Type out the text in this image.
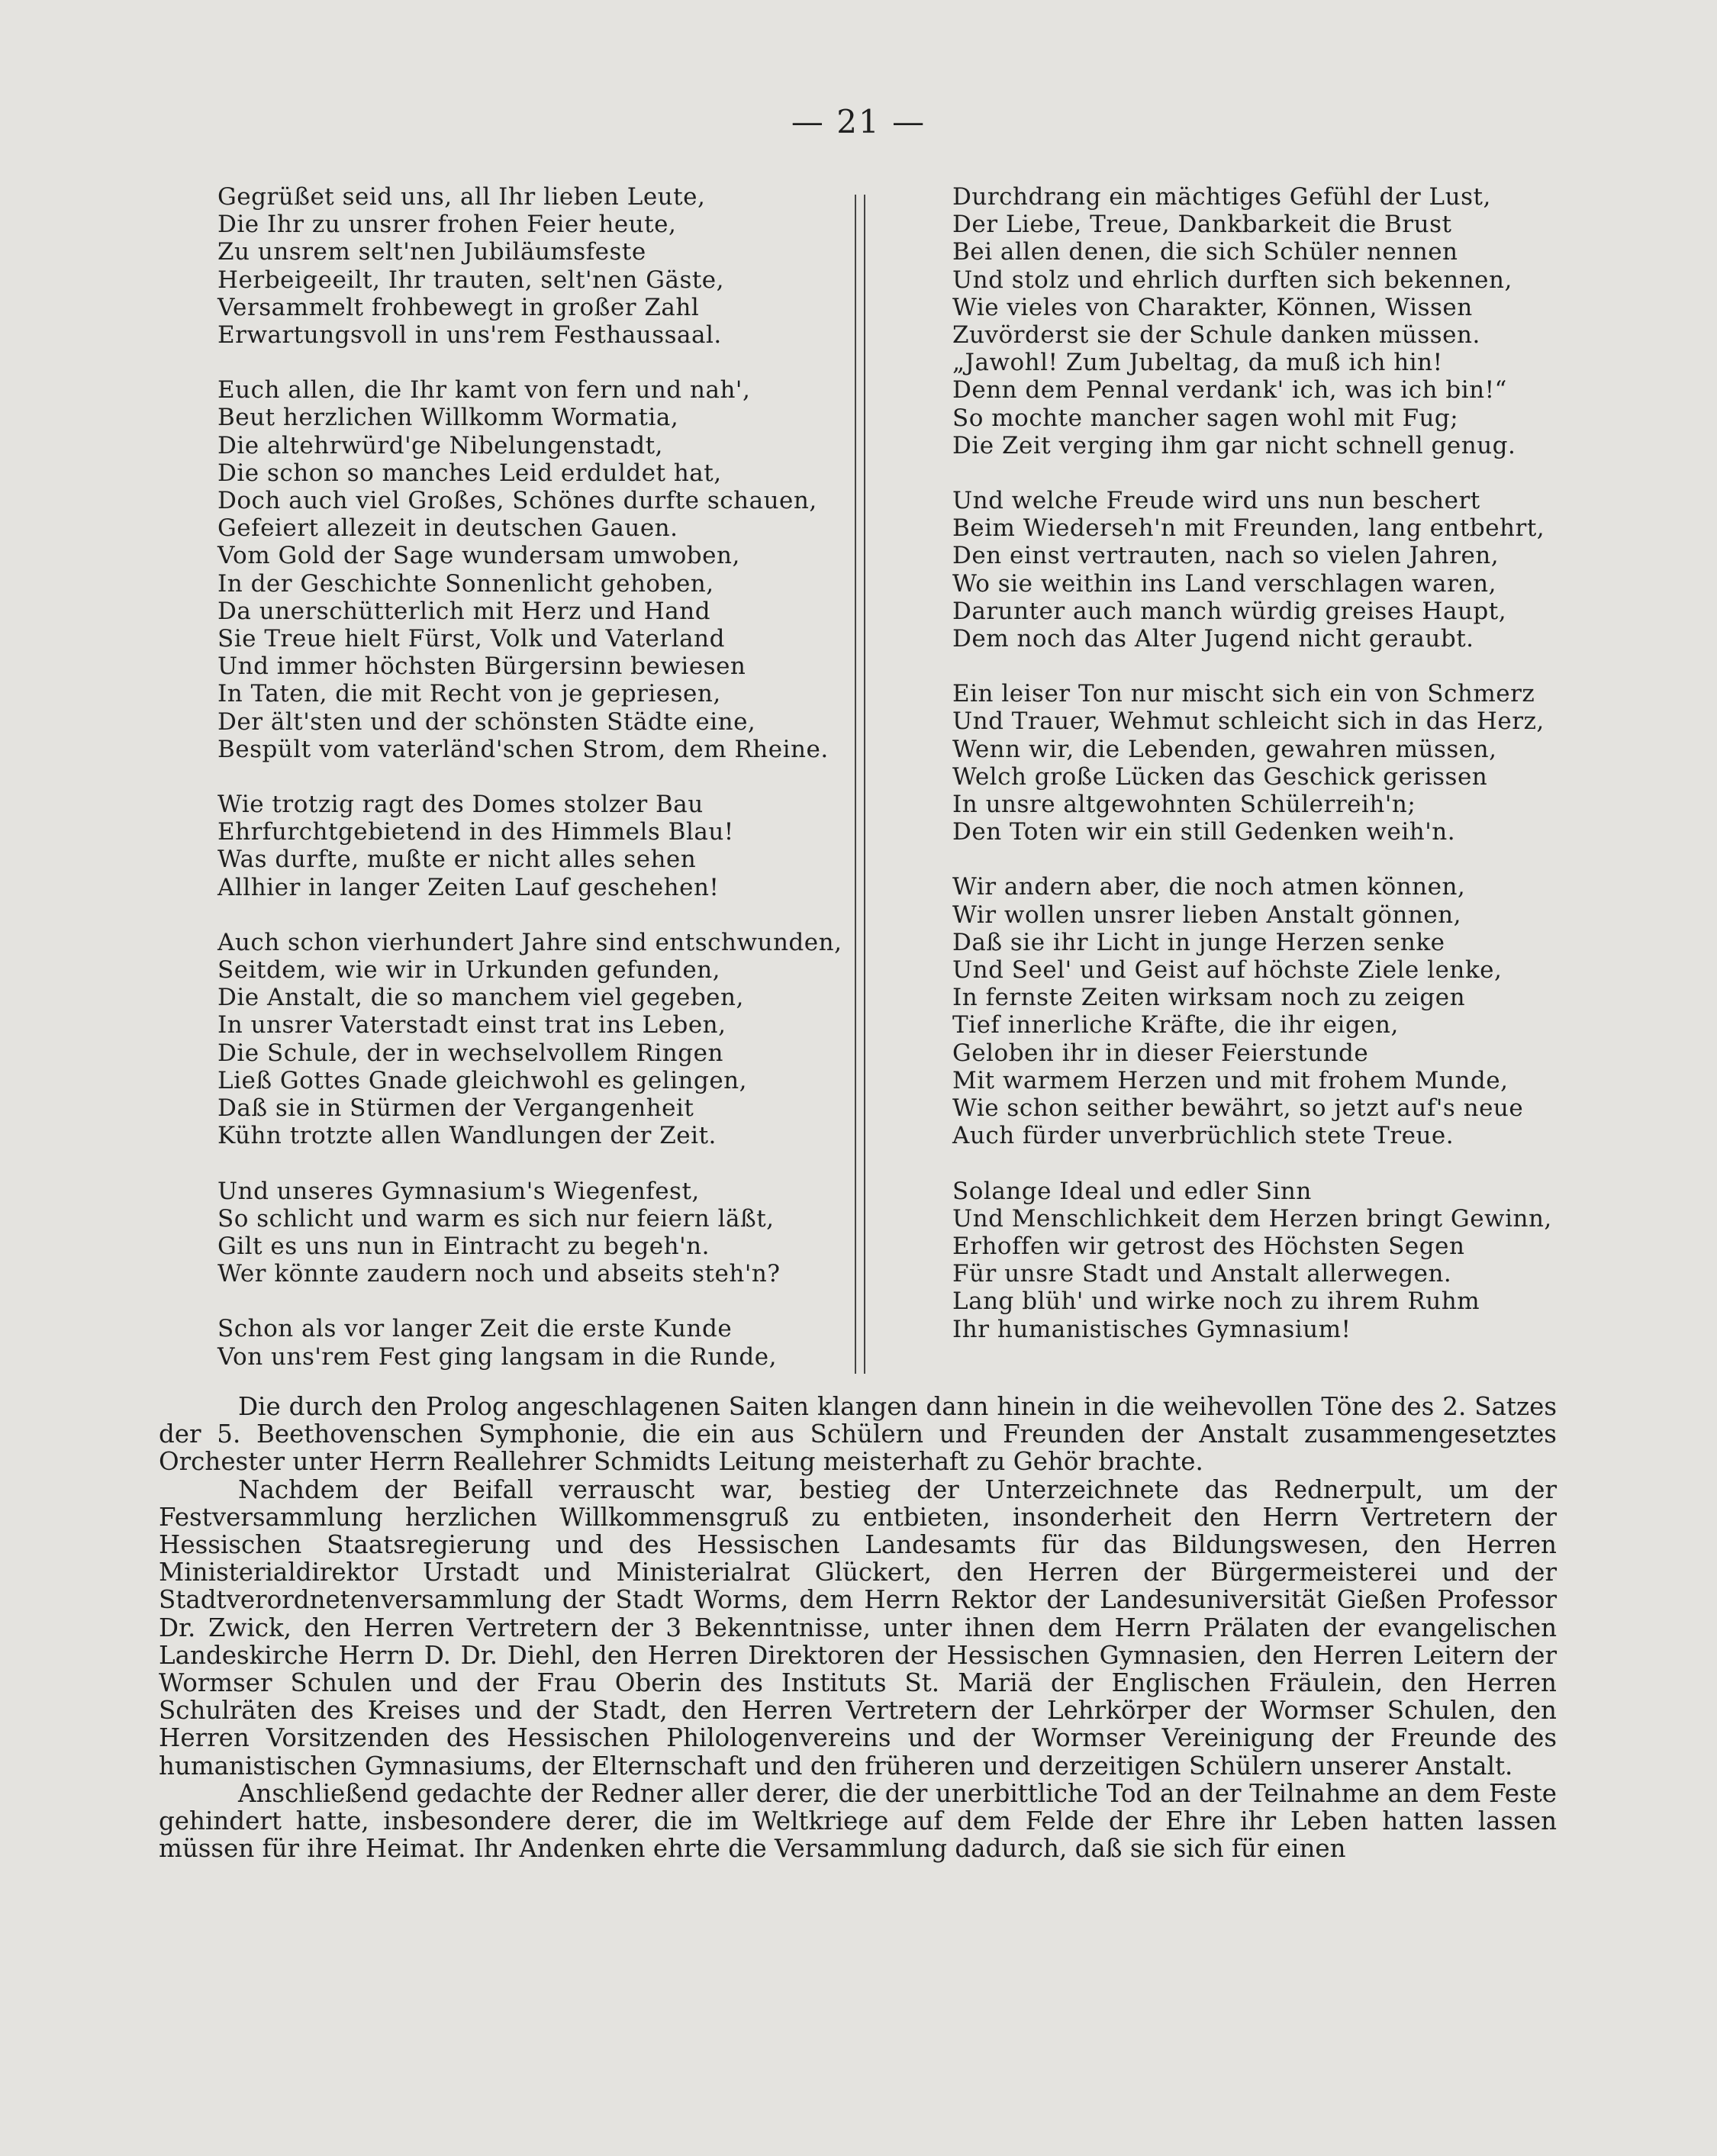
— 21 —
Gegrüßet seid uns, all Ihr lieben Leute,
Die Ihr zu unsrer frohen Feier heute,
Zu unsrem selt'nen Jubiläumsfeste
Herbeigeeilt, Ihr trauten, selt'nen Gäste,
Versammelt frohbewegt in großer Zahl
Erwartungsvoll in uns'rem Festhaussaal.
Euch allen, die Ihr kamt von fern und nah',
Beut herzlichen Willkomm Wormatia,
Die altehrwürd'ge Nibelungenstadt,
Die schon so manches Leid erduldet hat,
Doch auch viel Großes, Schönes durfte schauen,
Gefeiert allezeit in deutschen Gauen.
Vom Gold der Sage wundersam umwoben,
In der Geschichte Sonnenlicht gehoben,
Da unerschütterlich mit Herz und Hand
Sie Treue hielt Fürst, Volk und Vaterland
Und immer höchsten Bürgersinn bewiesen
In Taten, die mit Recht von je gepriesen,
Der ält'sten und der schönsten Städte eine,
Bespült vom vaterländ'schen Strom, dem Rheine.
Wie trotzig ragt des Domes stolzer Bau
Ehrfurchtgebietend in des Himmels Blau!
Was durfte, mußte er nicht alles sehen
Allhier in langer Zeiten Lauf geschehen!
Auch schon vierhundert Jahre sind entschwunden,
Seitdem, wie wir in Urkunden gefunden,
Die Anstalt, die so manchem viel gegeben,
In unsrer Vaterstadt einst trat ins Leben,
Die Schule, der in wechselvollem Ringen
Ließ Gottes Gnade gleichwohl es gelingen,
Daß sie in Stürmen der Vergangenheit
Kühn trotzte allen Wandlungen der Zeit.
Und unseres Gymnasium's Wiegenfest,
So schlicht und warm es sich nur feiern läßt,
Gilt es uns nun in Eintracht zu begeh'n.
Wer könnte zaudern noch und abseits steh'n?
Schon als vor langer Zeit die erste Kunde
Von uns'rem Fest ging langsam in die Runde,
Durchdrang ein mächtiges Gefühl der Lust,
Der Liebe, Treue, Dankbarkeit die Brust
Bei allen denen, die sich Schüler nennen
Und stolz und ehrlich durften sich bekennen,
Wie vieles von Charakter, Können, Wissen
Zuvörderst sie der Schule danken müssen.
„Jawohl! Zum Jubeltag, da muß ich hin!
Denn dem Pennal verdank' ich, was ich bin!“
So mochte mancher sagen wohl mit Fug;
Die Zeit verging ihm gar nicht schnell genug.
Und welche Freude wird uns nun beschert
Beim Wiederseh'n mit Freunden, lang entbehrt,
Den einst vertrauten, nach so vielen Jahren,
Wo sie weithin ins Land verschlagen waren,
Darunter auch manch würdig greises Haupt,
Dem noch das Alter Jugend nicht geraubt.
Ein leiser Ton nur mischt sich ein von Schmerz
Und Trauer, Wehmut schleicht sich in das Herz,
Wenn wir, die Lebenden, gewahren müssen,
Welch große Lücken das Geschick gerissen
In unsre altgewohnten Schülerreih'n;
Den Toten wir ein still Gedenken weih'n.
Wir andern aber, die noch atmen können,
Wir wollen unsrer lieben Anstalt gönnen,
Daß sie ihr Licht in junge Herzen senke
Und Seel' und Geist auf höchste Ziele lenke,
In fernste Zeiten wirksam noch zu zeigen
Tief innerliche Kräfte, die ihr eigen,
Geloben ihr in dieser Feierstunde
Mit warmem Herzen und mit frohem Munde,
Wie schon seither bewährt, so jetzt auf's neue
Auch fürder unverbrüchlich stete Treue.
Solange Ideal und edler Sinn
Und Menschlichkeit dem Herzen bringt Gewinn,
Erhoffen wir getrost des Höchsten Segen
Für unsre Stadt und Anstalt allerwegen.
Lang blüh' und wirke noch zu ihrem Ruhm
Ihr humanistisches Gymnasium!

Die durch den Prolog angeschlagenen Saiten klangen dann hinein in die weihevollen Töne des 2. Satzes der 5. Beethovenschen Symphonie, die ein aus Schülern und Freunden der Anstalt zusammengesetztes Orchester unter Herrn Reallehrer Schmidts Leitung meisterhaft zu Gehör brachte.

Nachdem der Beifall verrauscht war, bestieg der Unterzeichnete das Rednerpult, um der Festversammlung herzlichen Willkommensgruß zu entbieten, insonderheit den Herrn Vertretern der Hessischen Staatsregierung und des Hessischen Landesamts für das Bildungswesen, den Herren Ministerialdirektor Urstadt und Ministerialrat Glückert, den Herren der Bürgermeisterei und der Stadtverordnetenversammlung der Stadt Worms, dem Herrn Rektor der Landesuniversität Gießen Professor Dr. Zwick, den Herren Vertretern der 3 Bekenntnisse, unter ihnen dem Herrn Prälaten der evangelischen Landeskirche Herrn D. Dr. Diehl, den Herren Direktoren der Hessischen Gymnasien, den Herren Leitern der Wormser Schulen und der Frau Oberin des Instituts St. Mariä der Englischen Fräulein, den Herren Schulräten des Kreises und der Stadt, den Herren Vertretern der Lehrkörper der Wormser Schulen, den Herren Vorsitzenden des Hessischen Philologenvereins und der Wormser Vereinigung der Freunde des humanistischen Gymnasiums, der Elternschaft und den früheren und derzeitigen Schülern unserer Anstalt.

Anschließend gedachte der Redner aller derer, die der unerbittliche Tod an der Teilnahme an dem Feste gehindert hatte, insbesondere derer, die im Weltkriege auf dem Felde der Ehre ihr Leben hatten lassen müssen für ihre Heimat. Ihr Andenken ehrte die Versammlung dadurch, daß sie sich für einen
